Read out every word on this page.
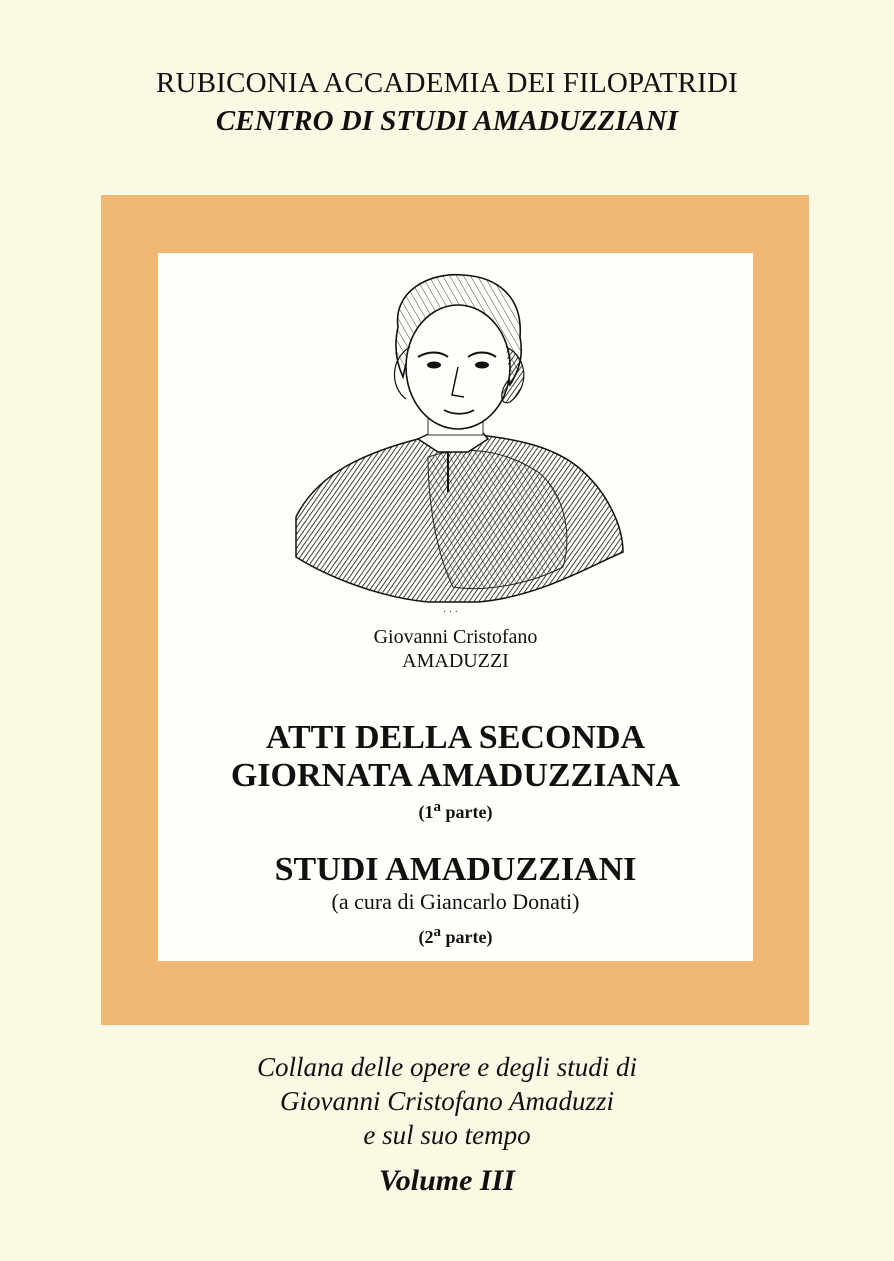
RUBICONIA ACCADEMIA DEI FILOPATRIDI
CENTRO DI STUDI AMADUZZIANI
· · ·
Giovanni Cristofano
AMADUZZI
ATTI DELLA SECONDA
GIORNATA AMADUZZIANA
(1$^a$ parte)
STUDI AMADUZZIANI
(a cura di Giancarlo Donati)
(2$^a$ parte)
Collana delle opere e degli studi di
Giovanni Cristofano Amaduzzi
e sul suo tempo
Volume III
